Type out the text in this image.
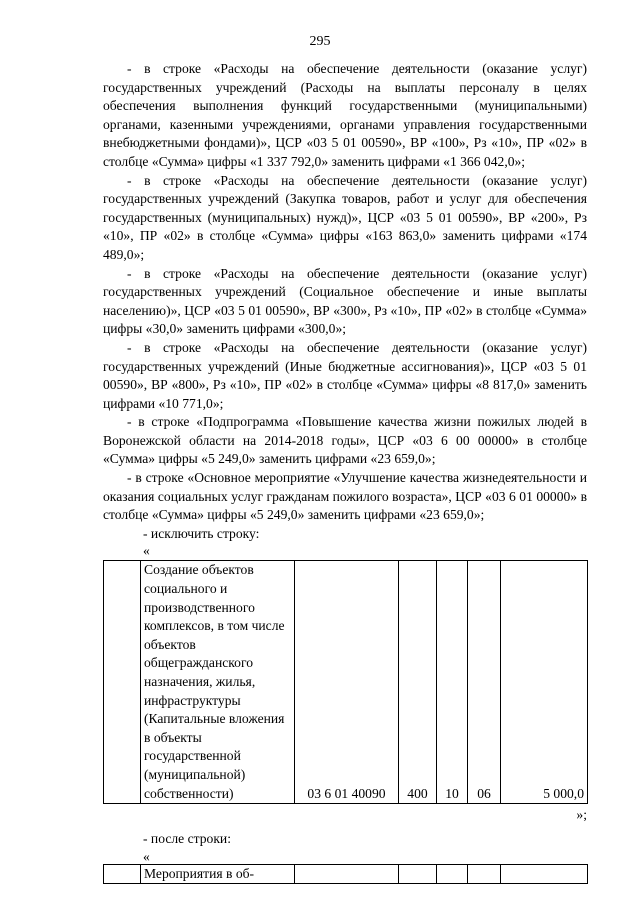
295

- в строке «Расходы на обеспечение деятельности (оказание услуг) государственных учреждений (Расходы на выплаты персоналу в целях обеспечения выполнения функций государственными (муниципальными) органами, казенными учреждениями, органами управления государственными внебюджетными фондами)», ЦСР «03 5 01 00590», ВР «100», Рз «10», ПР «02» в столбце «Сумма» цифры «1 337 792,0» заменить цифрами «1 366 042,0»;

- в строке «Расходы на обеспечение деятельности (оказание услуг) государственных учреждений (Закупка товаров, работ и услуг для обеспечения государственных (муниципальных) нужд)», ЦСР «03 5 01 00590», ВР «200», Рз «10», ПР «02» в столбце «Сумма» цифры «163 863,0» заменить цифрами «174 489,0»;

- в строке «Расходы на обеспечение деятельности (оказание услуг) государственных учреждений (Социальное обеспечение и иные выплаты населению)», ЦСР «03 5 01 00590», ВР «300», Рз «10», ПР «02» в столбце «Сумма» цифры «30,0» заменить цифрами «300,0»;

- в строке «Расходы на обеспечение деятельности (оказание услуг) государственных учреждений (Иные бюджетные ассигнования)», ЦСР «03 5 01 00590», ВР «800», Рз «10», ПР «02» в столбце «Сумма» цифры «8 817,0» заменить цифрами «10 771,0»;

- в строке «Подпрограмма «Повышение качества жизни пожилых людей в Воронежской области на 2014-2018 годы», ЦСР «03 6 00 00000» в столбце «Сумма» цифры «5 249,0» заменить цифрами «23 659,0»;

- в строке «Основное мероприятие «Улучшение качества жизнедеятельности и оказания социальных услуг гражданам пожилого возраста», ЦСР «03 6 01 00000» в столбце «Сумма» цифры «5 249,0» заменить цифрами «23 659,0»;

- исключить строку:

«

	Создание объектов социального и производственного комплексов, в том числе объектов общегражданского назначения, жилья, инфраструктуры (Капитальные вложения в объекты государственной (муниципальной) собственности)	03 6 01 40090	400	10	06	5 000,0

»;

- после строки:

«

	Мероприятия в об-					
